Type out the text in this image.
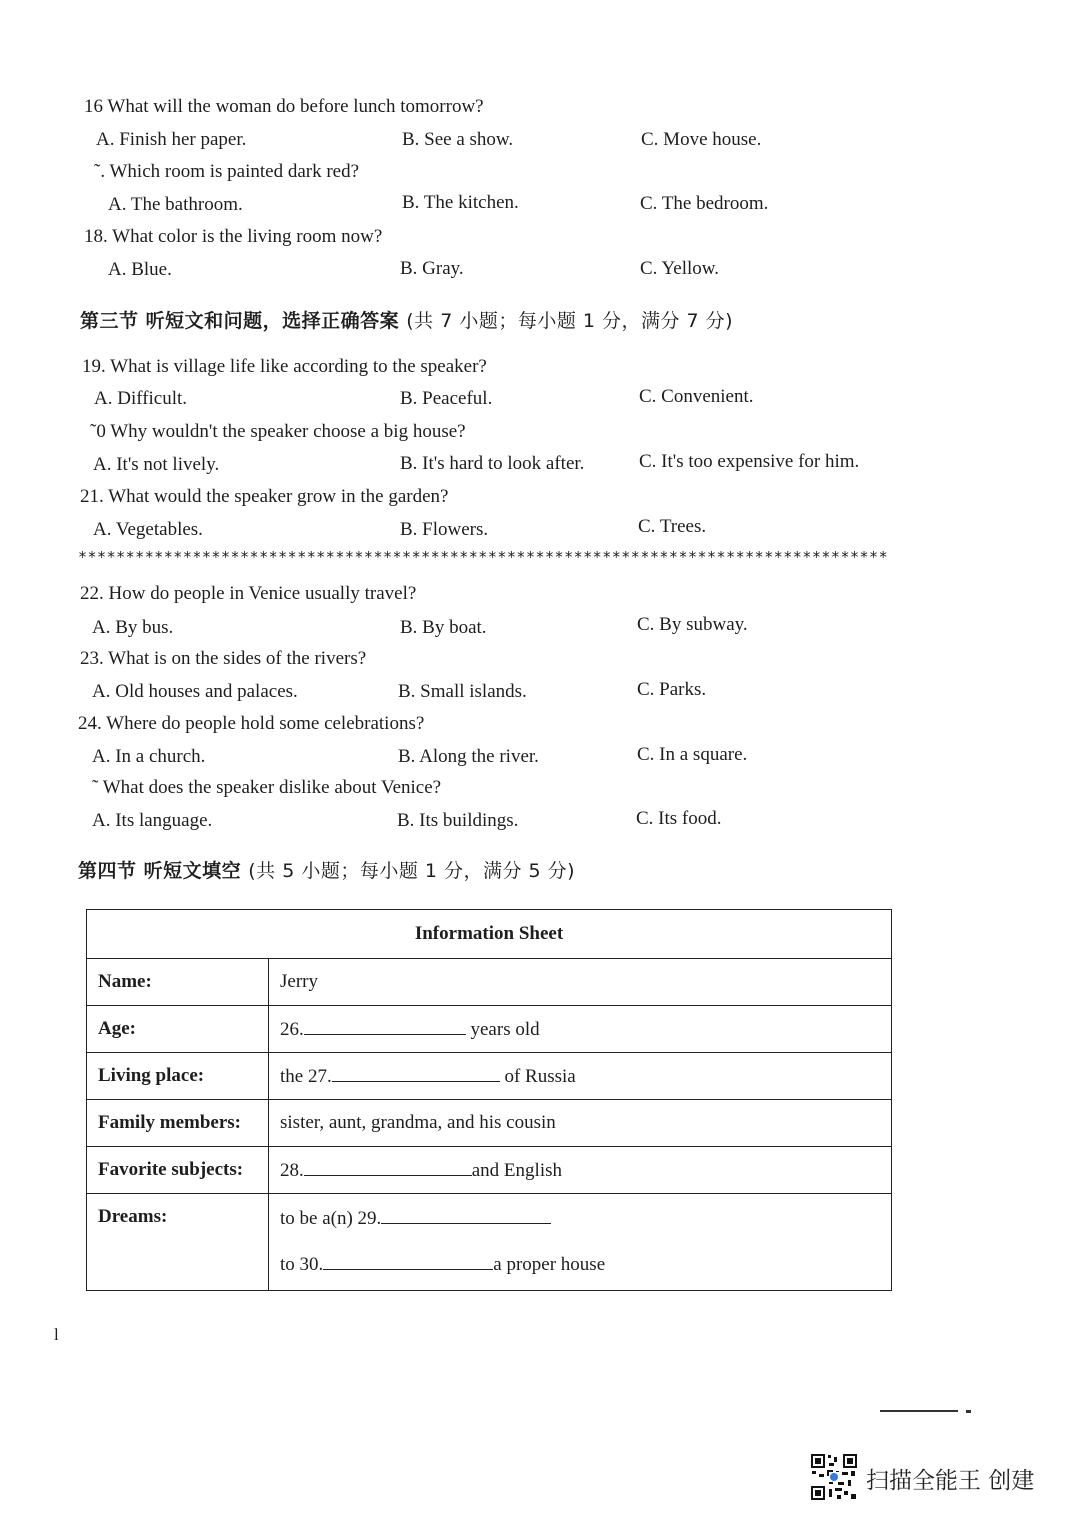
16 What will the woman do before lunch tomorrow?
A. Finish her paper.	B. See a show.	C. Move house.
˜. Which room is painted dark red?
A. The bathroom.	B. The kitchen.	C. The bedroom.
18. What color is the living room now?
A. Blue.	B. Gray.	C. Yellow.
第三节 听短文和问题，选择正确答案 (共 7 小题；每小题 1 分，满分 7 分)
19. What is village life like according to the speaker?
A. Difficult.	B. Peaceful.	C. Convenient.
˜0 Why wouldn't the speaker choose a big house?
A. It's not lively.	B. It's hard to look after.	C. It's too expensive for him.
21. What would the speaker grow in the garden?
A. Vegetables.	B. Flowers.	C. Trees.
*************************************************************************************
22. How do people in Venice usually travel?
A. By bus.	B. By boat.	C. By subway.
23. What is on the sides of the rivers?
A. Old houses and palaces.	B. Small islands.	C. Parks.
24. Where do people hold some celebrations?
A. In a church.	B. Along the river.	C. In a square.
˜ What does the speaker dislike about Venice?
A. Its language.	B. Its buildings.	C. Its food.
第四节 听短文填空 (共 5 小题；每小题 1 分，满分 5 分)
Information Sheet	
Name:	Jerry
Age:	26. years old
Living place:	the 27. of Russia
Family members:	sister, aunt, grandma, and his cousin
Favorite subjects:	28. and English
Dreams:	to be a(n) 29.
to 30. a proper house
l
扫描全能王 创建
